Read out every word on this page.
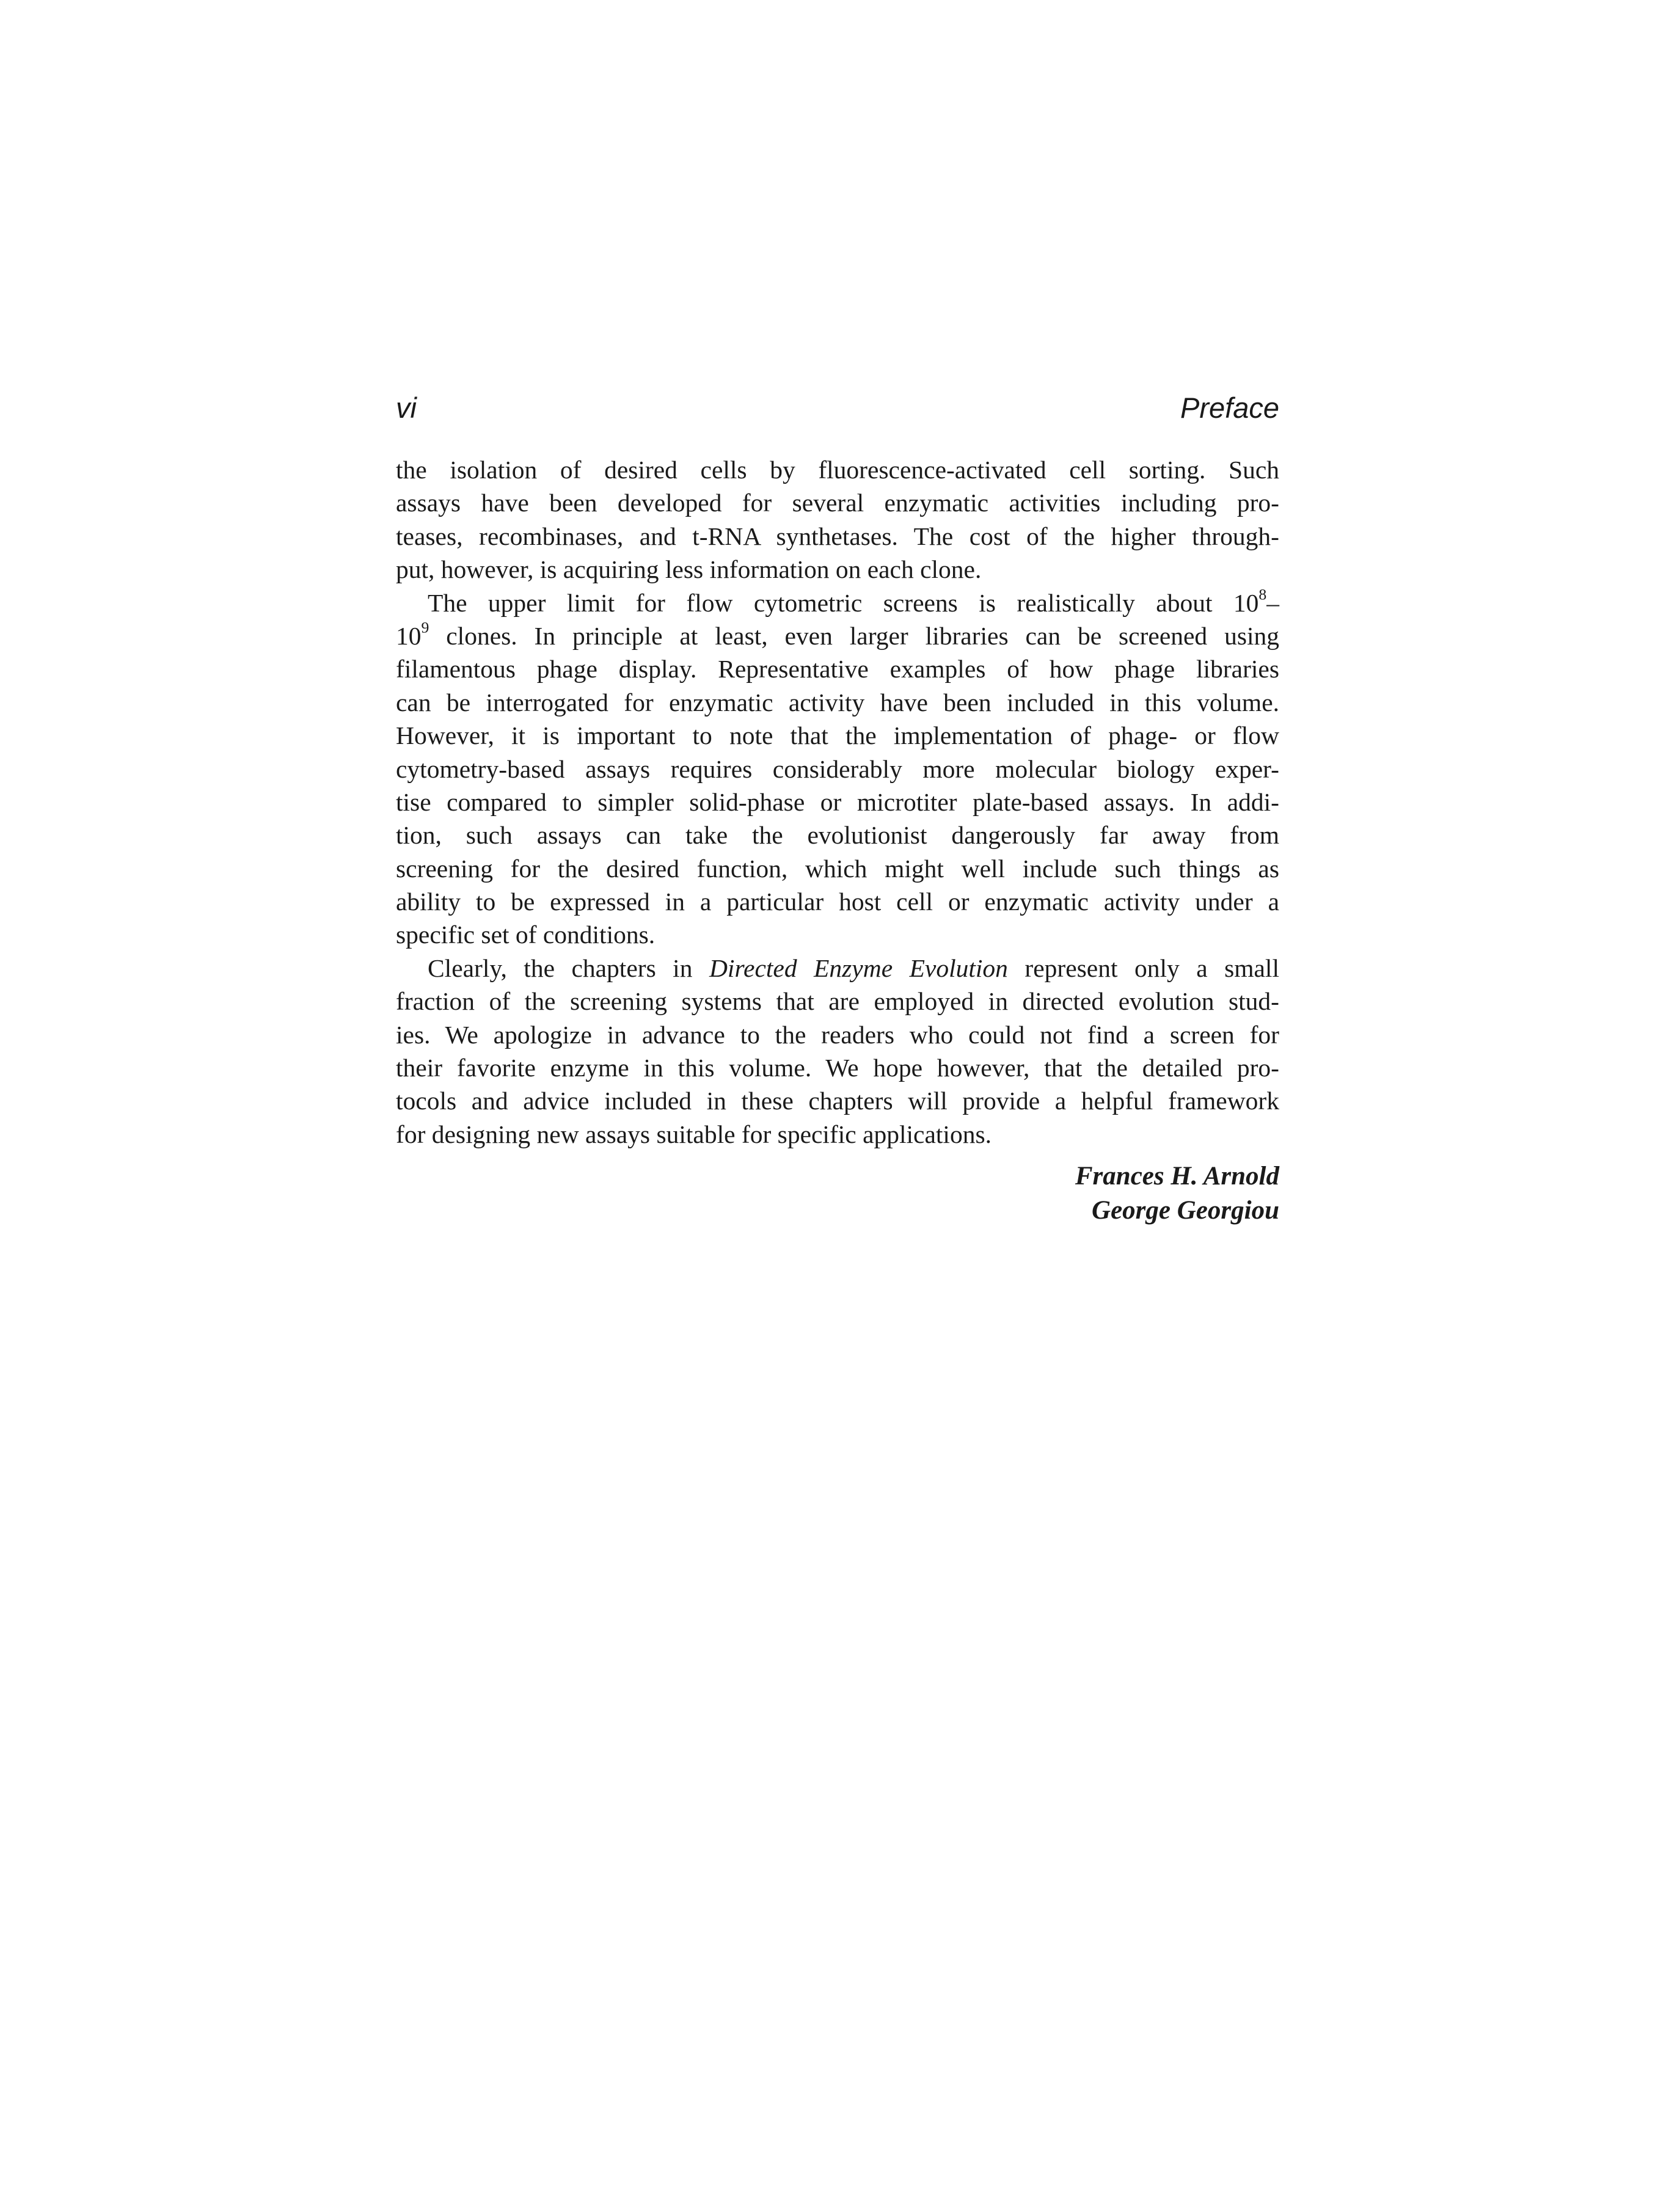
vi	Preface
the isolation of desired cells by fluorescence-activated cell sorting. Such
assays have been developed for several enzymatic activities including pro-
teases, recombinases, and t-RNA synthetases. The cost of the higher through-
put, however, is acquiring less information on each clone.
The upper limit for flow cytometric screens is realistically about $10^8-$
$10^9$ clones. In principle at least, even larger libraries can be screened using
filamentous phage display. Representative examples of how phage libraries
can be interrogated for enzymatic activity have been included in this volume.
However, it is important to note that the implementation of phage- or flow
cytometry-based assays requires considerably more molecular biology exper-
tise compared to simpler solid-phase or microtiter plate-based assays. In addi-
tion, such assays can take the evolutionist dangerously far away from
screening for the desired function, which might well include such things as
ability to be expressed in a particular host cell or enzymatic activity under a
specific set of conditions.
Clearly, the chapters in Directed Enzyme Evolution represent only a small
fraction of the screening systems that are employed in directed evolution stud-
ies. We apologize in advance to the readers who could not find a screen for
their favorite enzyme in this volume. We hope however, that the detailed pro-
tocols and advice included in these chapters will provide a helpful framework
for designing new assays suitable for specific applications.
Frances H. Arnold
George Georgiou
